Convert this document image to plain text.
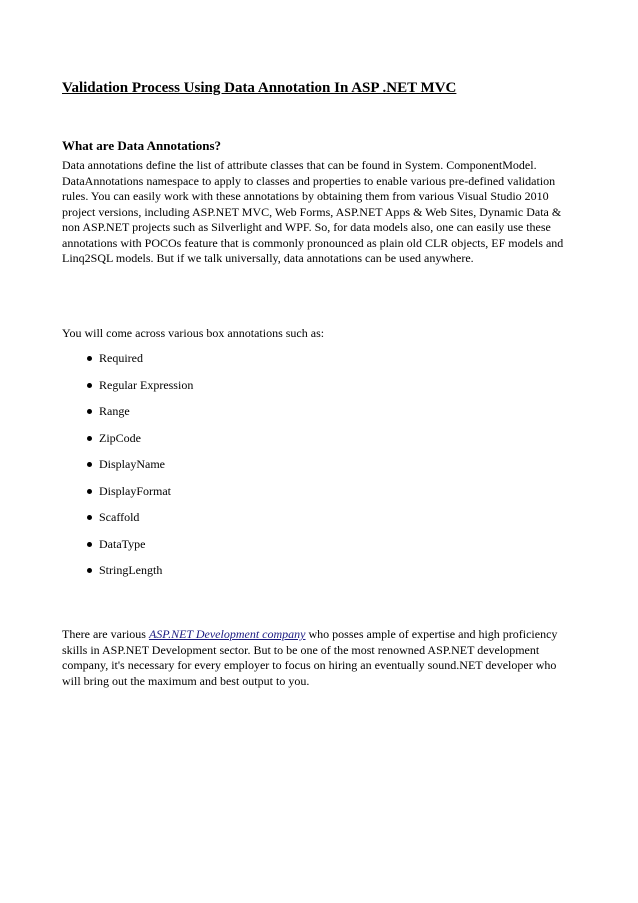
Validation Process Using Data Annotation In ASP .NET MVC
What are Data Annotations?

Data annotations define the list of attribute classes that can be found in System. ComponentModel. DataAnnotations namespace to apply to classes and properties to enable various pre-defined validation rules. You can easily work with these annotations by obtaining them from various Visual Studio 2010 project versions, including ASP.NET MVC, Web Forms, ASP.NET Apps & Web Sites, Dynamic Data & non ASP.NET projects such as Silverlight and WPF. So, for data models also, one can easily use these annotations with POCOs feature that is commonly pronounced as plain old CLR objects, EF models and Linq2SQL models. But if we talk universally, data annotations can be used anywhere.

You will come across various box annotations such as:

Required
Regular Expression
Range
ZipCode
DisplayName
DisplayFormat
Scaffold
DataType
StringLength

There are various ASP.NET Development company who posses ample of expertise and high proficiency skills in ASP.NET Development sector. But to be one of the most renowned ASP.NET development company, it's necessary for every employer to focus on hiring an eventually sound.NET developer who will bring out the maximum and best output to you.
